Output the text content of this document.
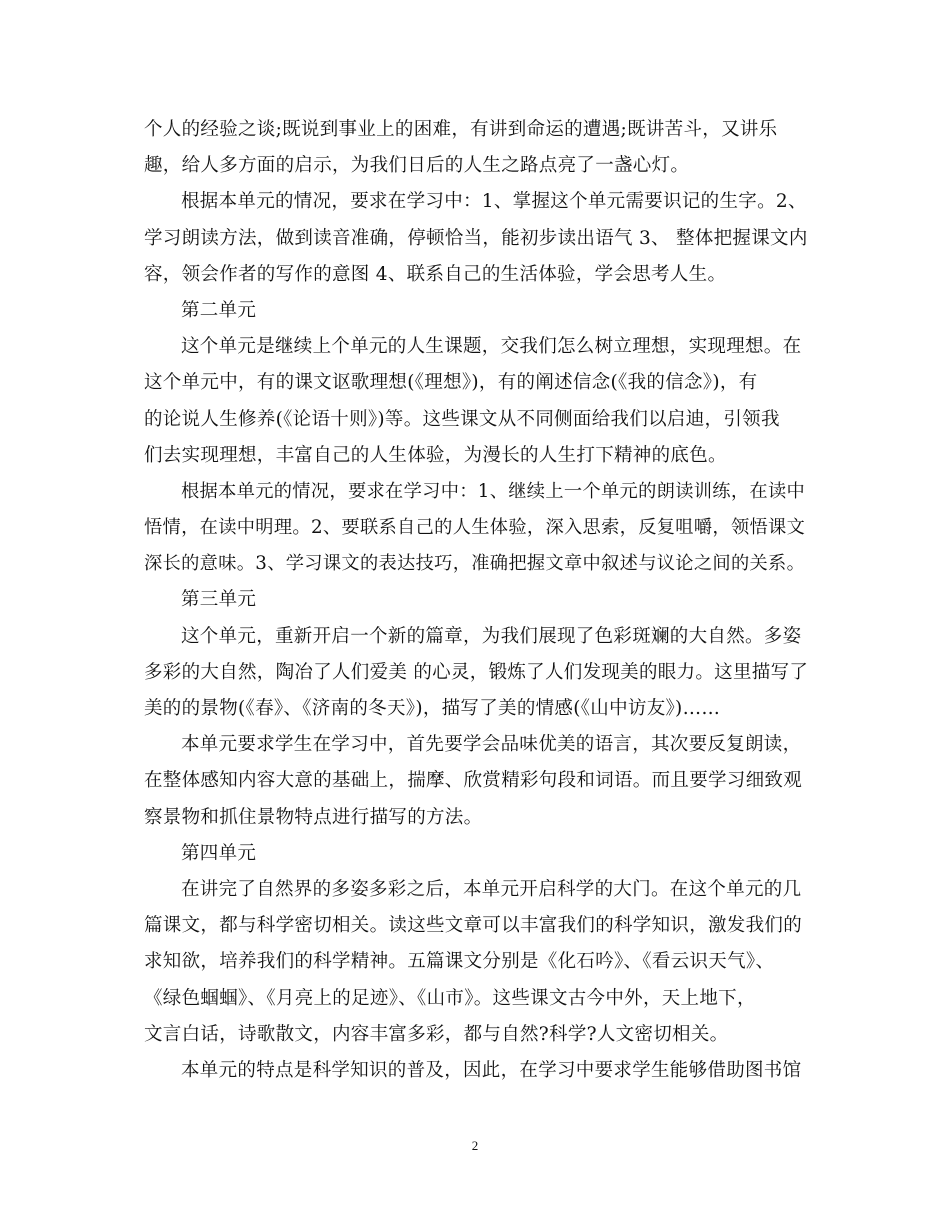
个人的经验之谈;既说到事业上的困难，有讲到命运的遭遇;既讲苦斗，又讲乐
趣，给人多方面的启示，为我们日后的人生之路点亮了一盏心灯。
根据本单元的情况，要求在学习中：1、掌握这个单元需要识记的生字。2、
学习朗读方法，做到读音准确，停顿恰当，能初步读出语气 3、 整体把握课文内
容，领会作者的写作的意图 4、联系自己的生活体验，学会思考人生。
第二单元
这个单元是继续上个单元的人生课题，交我们怎么树立理想，实现理想。在
这个单元中，有的课文讴歌理想(《理想》)，有的阐述信念(《我的信念》)，有
的论说人生修养(《论语十则》)等。这些课文从不同侧面给我们以启迪，引领我
们去实现理想，丰富自己的人生体验，为漫长的人生打下精神的底色。
根据本单元的情况，要求在学习中：1、继续上一个单元的朗读训练，在读中
悟情，在读中明理。2、要联系自己的人生体验，深入思索，反复咀嚼，领悟课文
深长的意味。3、学习课文的表达技巧，准确把握文章中叙述与议论之间的关系。
第三单元
这个单元，重新开启一个新的篇章，为我们展现了色彩斑斓的大自然。多姿
多彩的大自然，陶冶了人们爱美 的心灵，锻炼了人们发现美的眼力。这里描写了
美的的景物(《春》、《济南的冬天》)，描写了美的情感(《山中访友》)……
本单元要求学生在学习中，首先要学会品味优美的语言，其次要反复朗读，
在整体感知内容大意的基础上，揣摩、欣赏精彩句段和词语。而且要学习细致观
察景物和抓住景物特点进行描写的方法。
第四单元
在讲完了自然界的多姿多彩之后，本单元开启科学的大门。在这个单元的几
篇课文，都与科学密切相关。读这些文章可以丰富我们的科学知识，激发我们的
求知欲，培养我们的科学精神。五篇课文分别是《化石吟》、《看云识天气》、
《绿色蝈蝈》、《月亮上的足迹》、《山市》。这些课文古今中外，天上地下，
文言白话，诗歌散文，内容丰富多彩，都与自然?科学?人文密切相关。
本单元的特点是科学知识的普及，因此，在学习中要求学生能够借助图书馆
2
